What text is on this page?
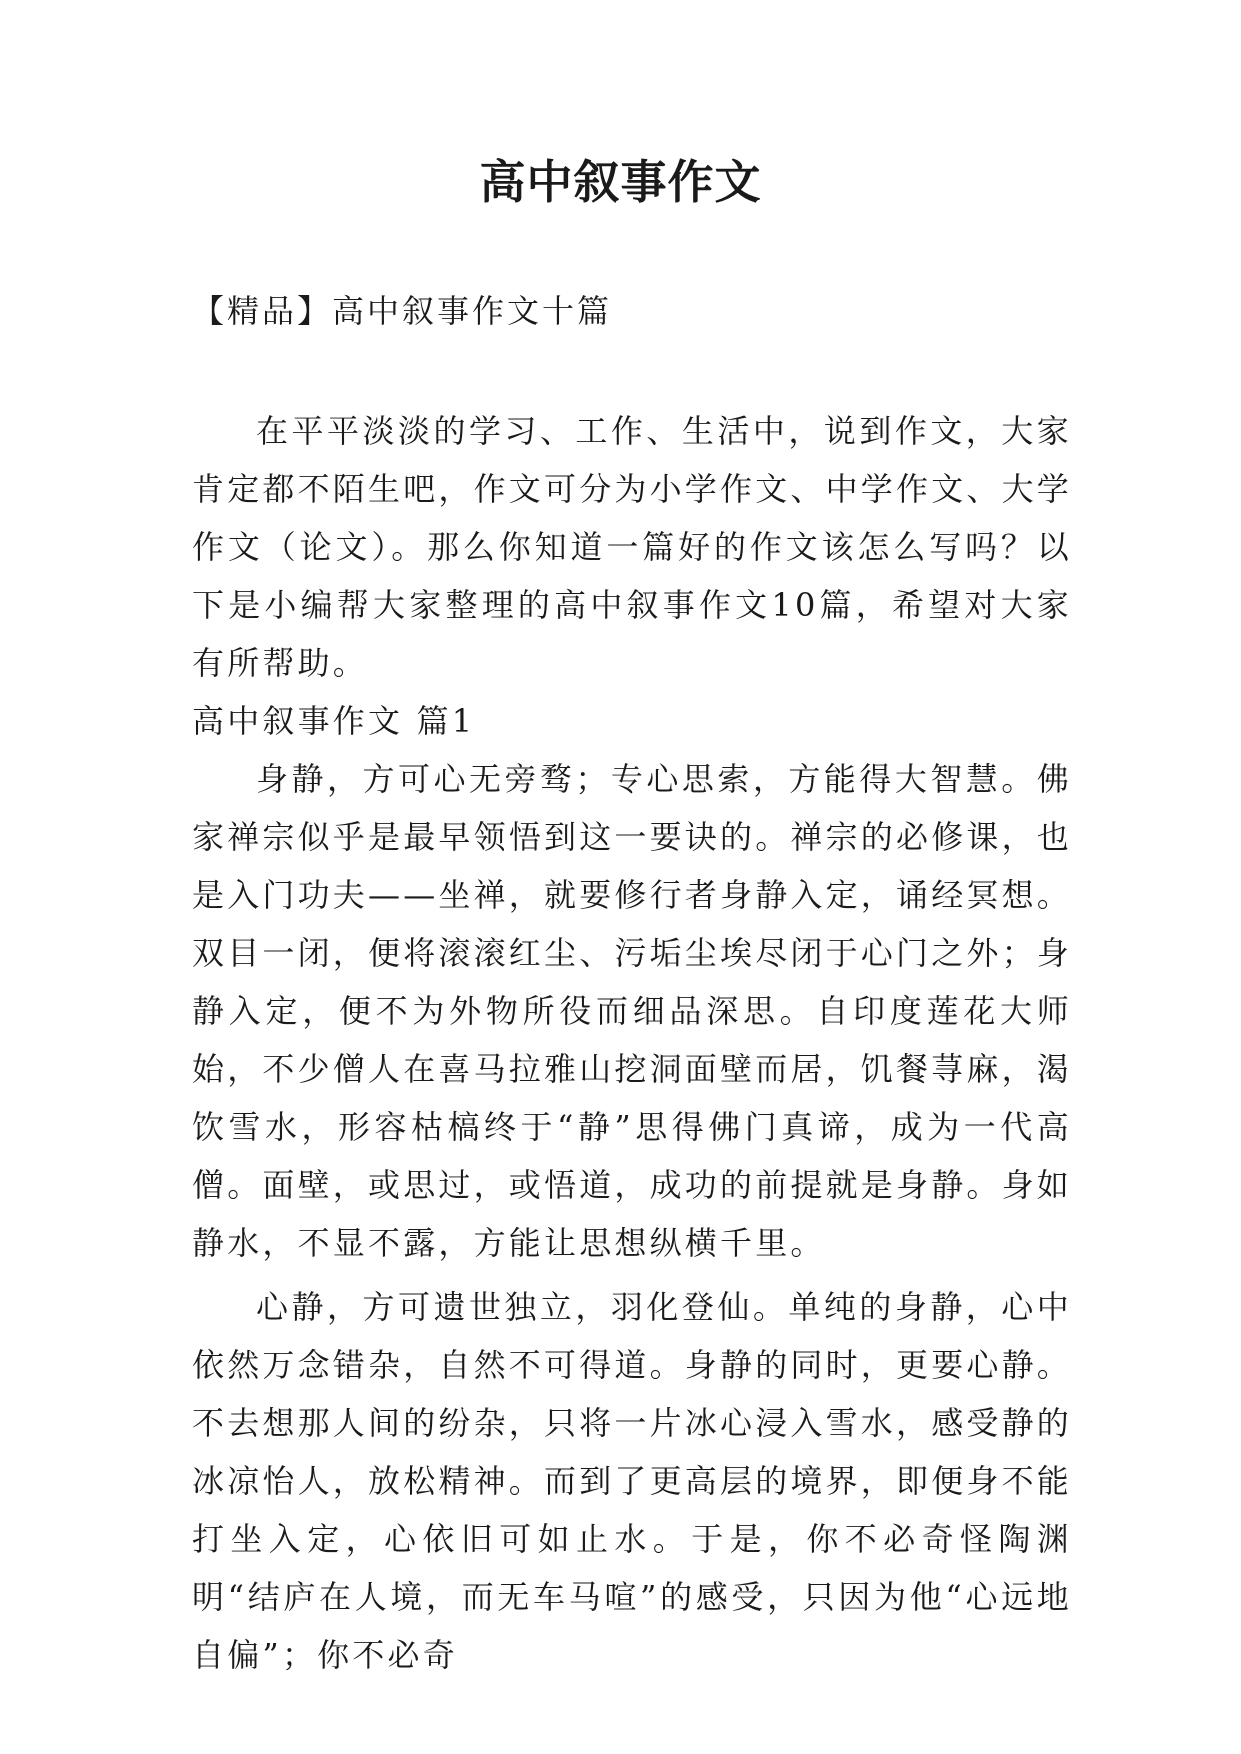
高中叙事作文

【精品】高中叙事作文十篇

在平平淡淡的学习、工作、生活中，说到作文，大家肯定都不陌生吧，作文可分为小学作文、中学作文、大学作文（论文）。那么你知道一篇好的作文该怎么写吗？以下是小编帮大家整理的高中叙事作文10篇，希望对大家有所帮助。

高中叙事作文 篇1

身静，方可心无旁骛；专心思索，方能得大智慧。佛家禅宗似乎是最早领悟到这一要诀的。禅宗的必修课，也是入门功夫——坐禅，就要修行者身静入定，诵经冥想。双目一闭，便将滚滚红尘、污垢尘埃尽闭于心门之外；身静入定，便不为外物所役而细品深思。自印度莲花大师始，不少僧人在喜马拉雅山挖洞面壁而居，饥餐荨麻，渴饮雪水，形容枯槁终于“静”思得佛门真谛，成为一代高僧。面壁，或思过，或悟道，成功的前提就是身静。身如静水，不显不露，方能让思想纵横千里。

心静，方可遗世独立，羽化登仙。单纯的身静，心中依然万念错杂，自然不可得道。身静的同时，更要心静。不去想那人间的纷杂，只将一片冰心浸入雪水，感受静的冰凉怡人，放松精神。而到了更高层的境界，即便身不能打坐入定，心依旧可如止水。于是，你不必奇怪陶渊明“结庐在人境，而无车马喧”的感受，只因为他“心远地自偏”；你不必奇
